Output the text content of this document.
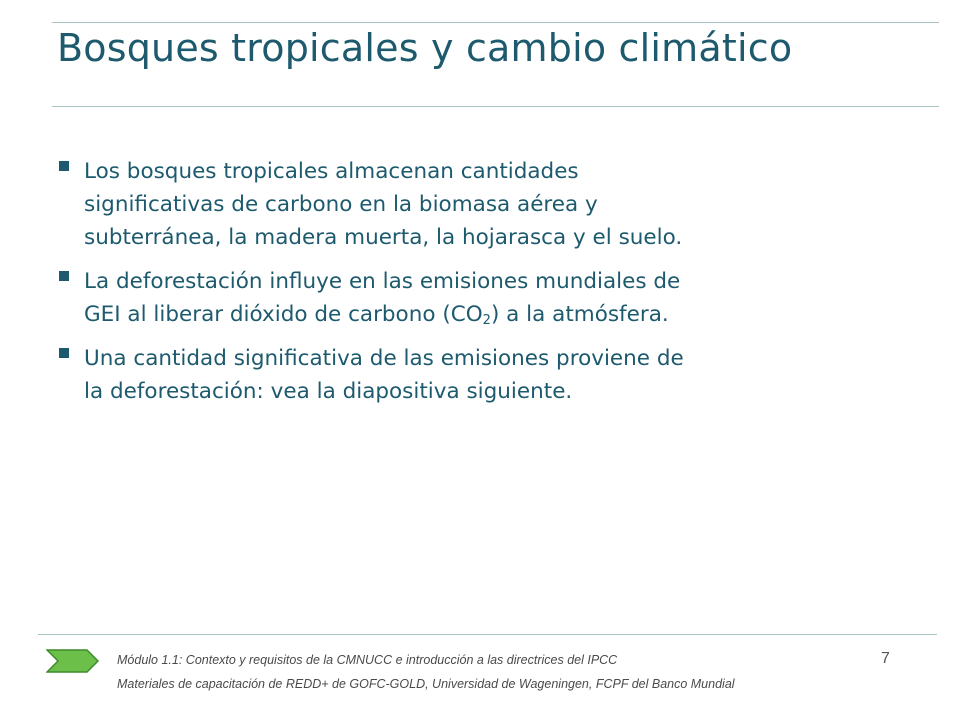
Bosques tropicales y cambio climático
Los bosques tropicales almacenan cantidades
significativas de carbono en la biomasa aérea y
subterránea, la madera muerta, la hojarasca y el suelo.
La deforestación influye en las emisiones mundiales de
GEI al liberar dióxido de carbono $(CO_2)$ a la atmósfera.
Una cantidad significativa de las emisiones proviene de
la deforestación: vea la diapositiva siguiente.
Módulo 1.1: Contexto y requisitos de la CMNUCC e introducción a las directrices del IPCC
Materiales de capacitación de REDD+ de GOFC-GOLD, Universidad de Wageningen, FCPF del Banco Mundial
7
